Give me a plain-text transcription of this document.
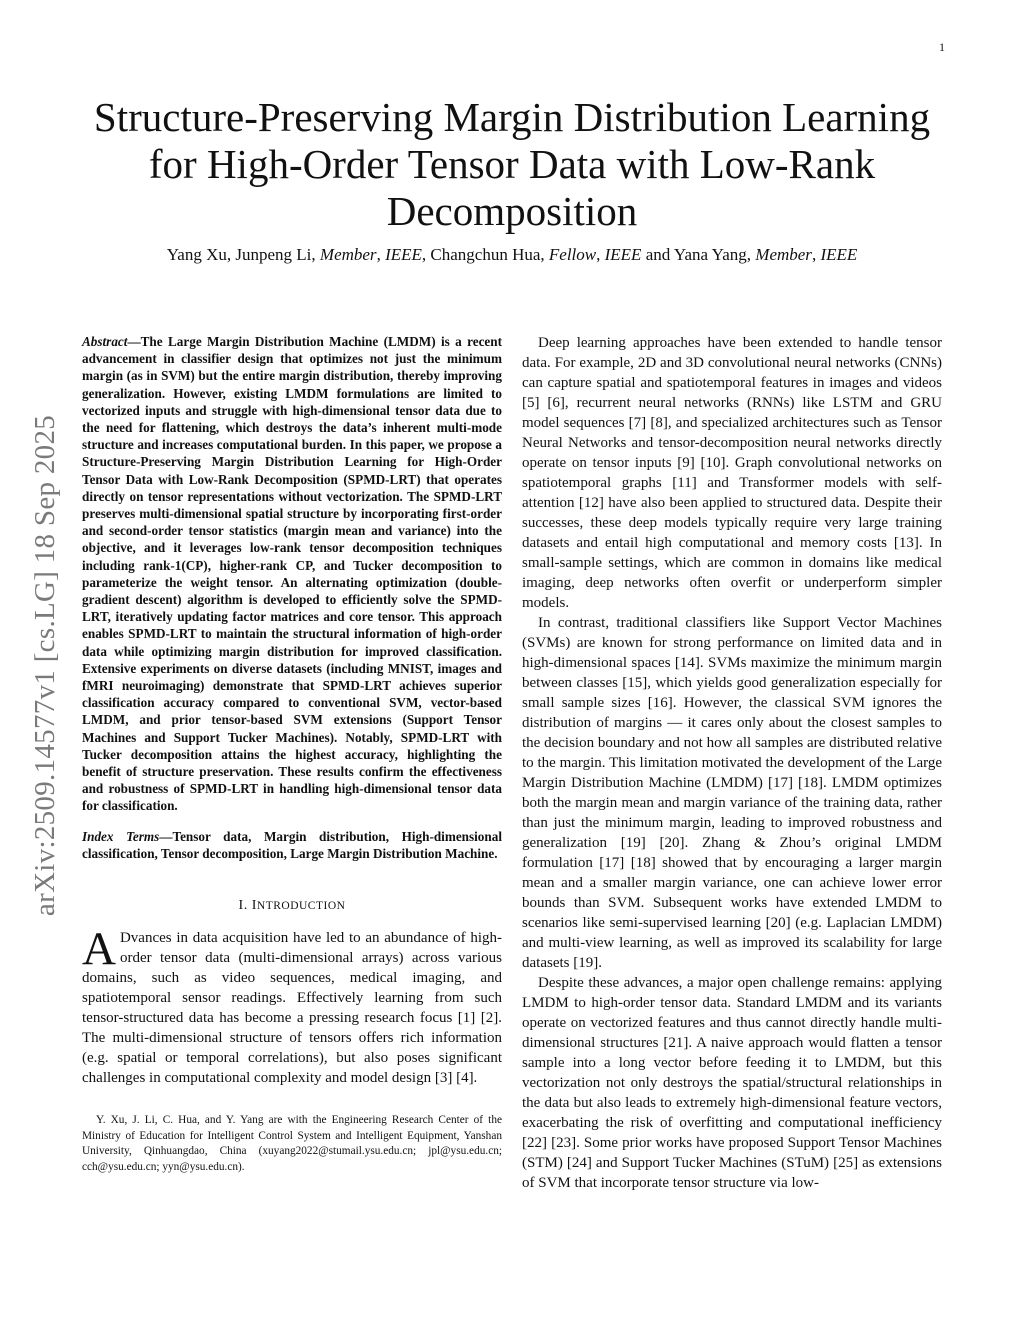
1
arXiv:2509.14577v1 [cs.LG] 18 Sep 2025
Structure-Preserving Margin Distribution Learning
for High-Order Tensor Data with Low-Rank
Decomposition
Yang Xu, Junpeng Li, Member, IEEE, Changchun Hua, Fellow, IEEE and Yana Yang, Member, IEEE

Abstract—The Large Margin Distribution Machine (LMDM) is a recent advancement in classifier design that optimizes not just the minimum margin (as in SVM) but the entire margin distribution, thereby improving generalization. However, existing LMDM formulations are limited to vectorized inputs and struggle with high-dimensional tensor data due to the need for flattening, which destroys the data’s inherent multi-mode structure and increases computational burden. In this paper, we propose a Structure-Preserving Margin Distribution Learning for High-Order Tensor Data with Low-Rank Decomposition (SPMD-LRT) that operates directly on tensor representations without vectorization. The SPMD-LRT preserves multi-dimensional spatial structure by incorporating first-order and second-order tensor statistics (margin mean and variance) into the objective, and it leverages low-rank tensor decomposition techniques including rank-1(CP), higher-rank CP, and Tucker decomposition to parameterize the weight tensor. An alternating optimization (double-gradient descent) algorithm is developed to efficiently solve the SPMD-LRT, iteratively updating factor matrices and core tensor. This approach enables SPMD-LRT to maintain the structural information of high-order data while optimizing margin distribution for improved classification. Extensive experiments on diverse datasets (including MNIST, images and fMRI neuroimaging) demonstrate that SPMD-LRT achieves superior classification accuracy compared to conventional SVM, vector-based LMDM, and prior tensor-based SVM extensions (Support Tensor Machines and Support Tucker Machines). Notably, SPMD-LRT with Tucker decomposition attains the highest accuracy, highlighting the benefit of structure preservation. These results confirm the effectiveness and robustness of SPMD-LRT in handling high-dimensional tensor data for classification.

Index Terms—Tensor data, Margin distribution, High-dimensional classification, Tensor decomposition, Large Margin Distribution Machine.

I. INTRODUCTION

A Dvances in data acquisition have led to an abundance of high-order tensor data (multi-dimensional arrays) across various domains, such as video sequences, medical imaging, and spatiotemporal sensor readings. Effectively learning from such tensor-structured data has become a pressing research focus [1] [2]. The multi-dimensional structure of tensors offers rich information (e.g. spatial or temporal correlations), but also poses significant challenges in computational complexity and model design [3] [4].

Y. Xu, J. Li, C. Hua, and Y. Yang are with the Engineering Research Center of the Ministry of Education for Intelligent Control System and Intelligent Equipment, Yanshan University, Qinhuangdao, China (xuyang2022@stumail.ysu.edu.cn; jpl@ysu.edu.cn; cch@ysu.edu.cn; yyn@ysu.edu.cn).

Deep learning approaches have been extended to handle tensor data. For example, 2D and 3D convolutional neural networks (CNNs) can capture spatial and spatiotemporal features in images and videos [5] [6], recurrent neural networks (RNNs) like LSTM and GRU model sequences [7] [8], and specialized architectures such as Tensor Neural Networks and tensor-decomposition neural networks directly operate on tensor inputs [9] [10]. Graph convolutional networks on spatiotemporal graphs [11] and Transformer models with self-attention [12] have also been applied to structured data. Despite their successes, these deep models typically require very large training datasets and entail high computational and memory costs [13]. In small-sample settings, which are common in domains like medical imaging, deep networks often overfit or underperform simpler models.

In contrast, traditional classifiers like Support Vector Machines (SVMs) are known for strong performance on limited data and in high-dimensional spaces [14]. SVMs maximize the minimum margin between classes [15], which yields good generalization especially for small sample sizes [16]. However, the classical SVM ignores the distribution of margins — it cares only about the closest samples to the decision boundary and not how all samples are distributed relative to the margin. This limitation motivated the development of the Large Margin Distribution Machine (LMDM) [17] [18]. LMDM optimizes both the margin mean and margin variance of the training data, rather than just the minimum margin, leading to improved robustness and generalization [19] [20]. Zhang & Zhou’s original LMDM formulation [17] [18] showed that by encouraging a larger margin mean and a smaller margin variance, one can achieve lower error bounds than SVM. Subsequent works have extended LMDM to scenarios like semi-supervised learning [20] (e.g. Laplacian LMDM) and multi-view learning, as well as improved its scalability for large datasets [19].

Despite these advances, a major open challenge remains: applying LMDM to high-order tensor data. Standard LMDM and its variants operate on vectorized features and thus cannot directly handle multi-dimensional structures [21]. A naive approach would flatten a tensor sample into a long vector before feeding it to LMDM, but this vectorization not only destroys the spatial/structural relationships in the data but also leads to extremely high-dimensional feature vectors, exacerbating the risk of overfitting and computational inefficiency [22] [23]. Some prior works have proposed Support Tensor Machines (STM) [24] and Support Tucker Machines (STuM) [25] as extensions of SVM that incorporate tensor structure via low-
